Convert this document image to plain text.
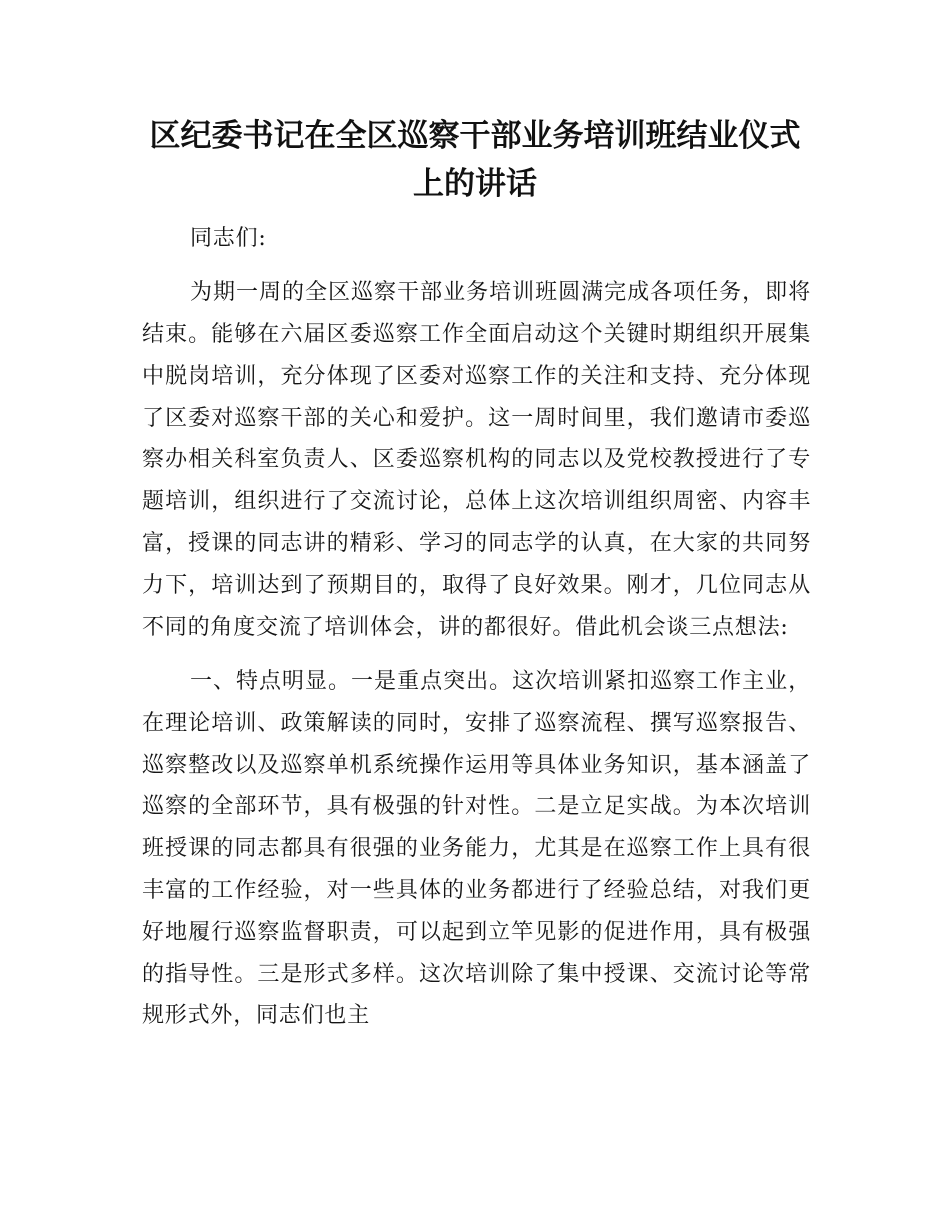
区纪委书记在全区巡察干部业务培训班结业仪式上的讲话

同志们:

为期一周的全区巡察干部业务培训班圆满完成各项任务，即将结束。能够在六届区委巡察工作全面启动这个关键时期组织开展集中脱岗培训，充分体现了区委对巡察工作的关注和支持、充分体现了区委对巡察干部的关心和爱护。这一周时间里，我们邀请市委巡察办相关科室负责人、区委巡察机构的同志以及党校教授进行了专题培训，组织进行了交流讨论，总体上这次培训组织周密、内容丰富，授课的同志讲的精彩、学习的同志学的认真，在大家的共同努力下，培训达到了预期目的，取得了良好效果。刚才，几位同志从不同的角度交流了培训体会，讲的都很好。借此机会谈三点想法:

一、特点明显。一是重点突出。这次培训紧扣巡察工作主业，在理论培训、政策解读的同时，安排了巡察流程、撰写巡察报告、巡察整改以及巡察单机系统操作运用等具体业务知识，基本涵盖了巡察的全部环节，具有极强的针对性。二是立足实战。为本次培训班授课的同志都具有很强的业务能力，尤其是在巡察工作上具有很丰富的工作经验，对一些具体的业务都进行了经验总结，对我们更好地履行巡察监督职责，可以起到立竿见影的促进作用，具有极强的指导性。三是形式多样。这次培训除了集中授课、交流讨论等常规形式外，同志们也主
